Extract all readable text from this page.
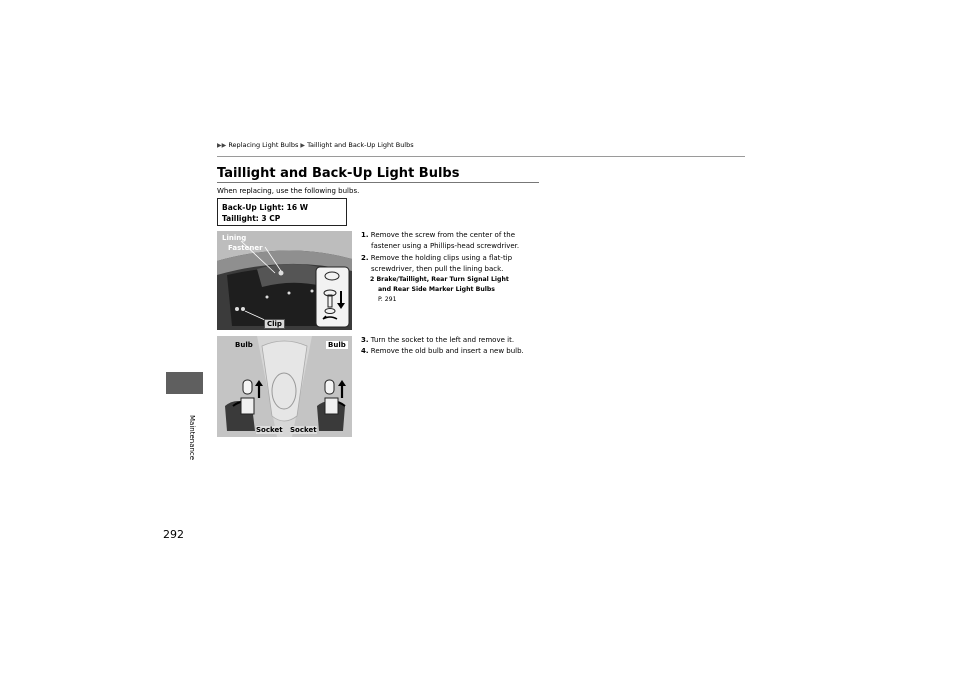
▶▶ Replacing Light Bulbs ▶ Taillight and Back-Up Light Bulbs
Maintenance
292
Taillight and Back-Up Light Bulbs
When replacing, use the following bulbs.
Back-Up Light: 16 W
Taillight: 3 CP
Lining
Fastener
Clip
1. Remove the screw from the center of the
fastener using a Phillips-head screwdriver.
2. Remove the holding clips using a flat-tip
screwdriver, then pull the lining back.
2 Brake/Taillight, Rear Turn Signal Light
and Rear Side Marker Light Bulbs
P. 291
Bulb	Bulb
Socket Socket
3. Turn the socket to the left and remove it.
4. Remove the old bulb and insert a new bulb.
